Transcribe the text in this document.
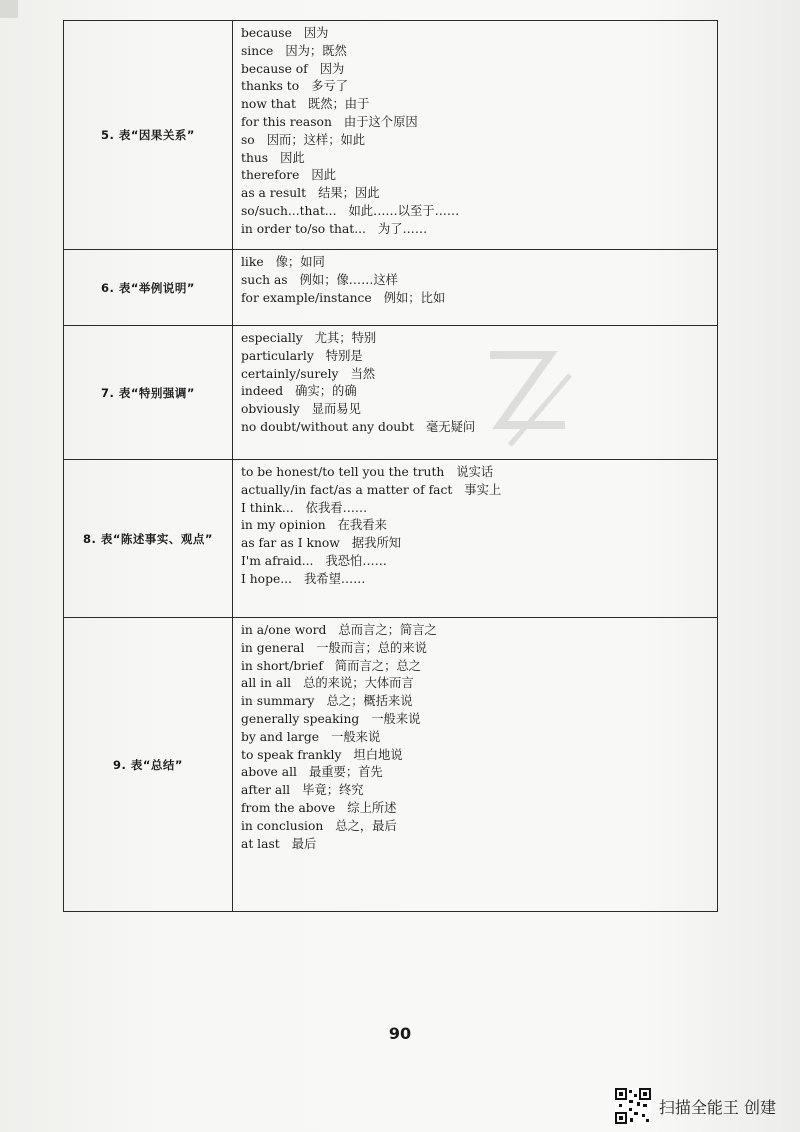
5. 表“因果关系”
because 因为
since 因为；既然
because of 因为
thanks to 多亏了
now that 既然；由于
for this reason 由于这个原因
so 因而；这样；如此
thus 因此
therefore 因此
as a result 结果；因此
so/such...that... 如此……以至于……
in order to/so that... 为了……
6. 表“举例说明”
like 像；如同
such as 例如；像……这样
for example/instance 例如；比如
7. 表“特别强调”
especially 尤其；特别
particularly 特别是
certainly/surely 当然
indeed 确实；的确
obviously 显而易见
no doubt/without any doubt 毫无疑问
8. 表“陈述事实、观点”
to be honest/to tell you the truth 说实话
actually/in fact/as a matter of fact 事实上
I think... 依我看……
in my opinion 在我看来
as far as I know 据我所知
I'm afraid... 我恐怕……
I hope... 我希望……
9. 表“总结”
in a/one word 总而言之；简言之
in general 一般而言；总的来说
in short/brief 简而言之；总之
all in all 总的来说；大体而言
in summary 总之；概括来说
generally speaking 一般来说
by and large 一般来说
to speak frankly 坦白地说
above all 最重要；首先
after all 毕竟；终究
from the above 综上所述
in conclusion 总之，最后
at last 最后
90
扫描全能王 创建
